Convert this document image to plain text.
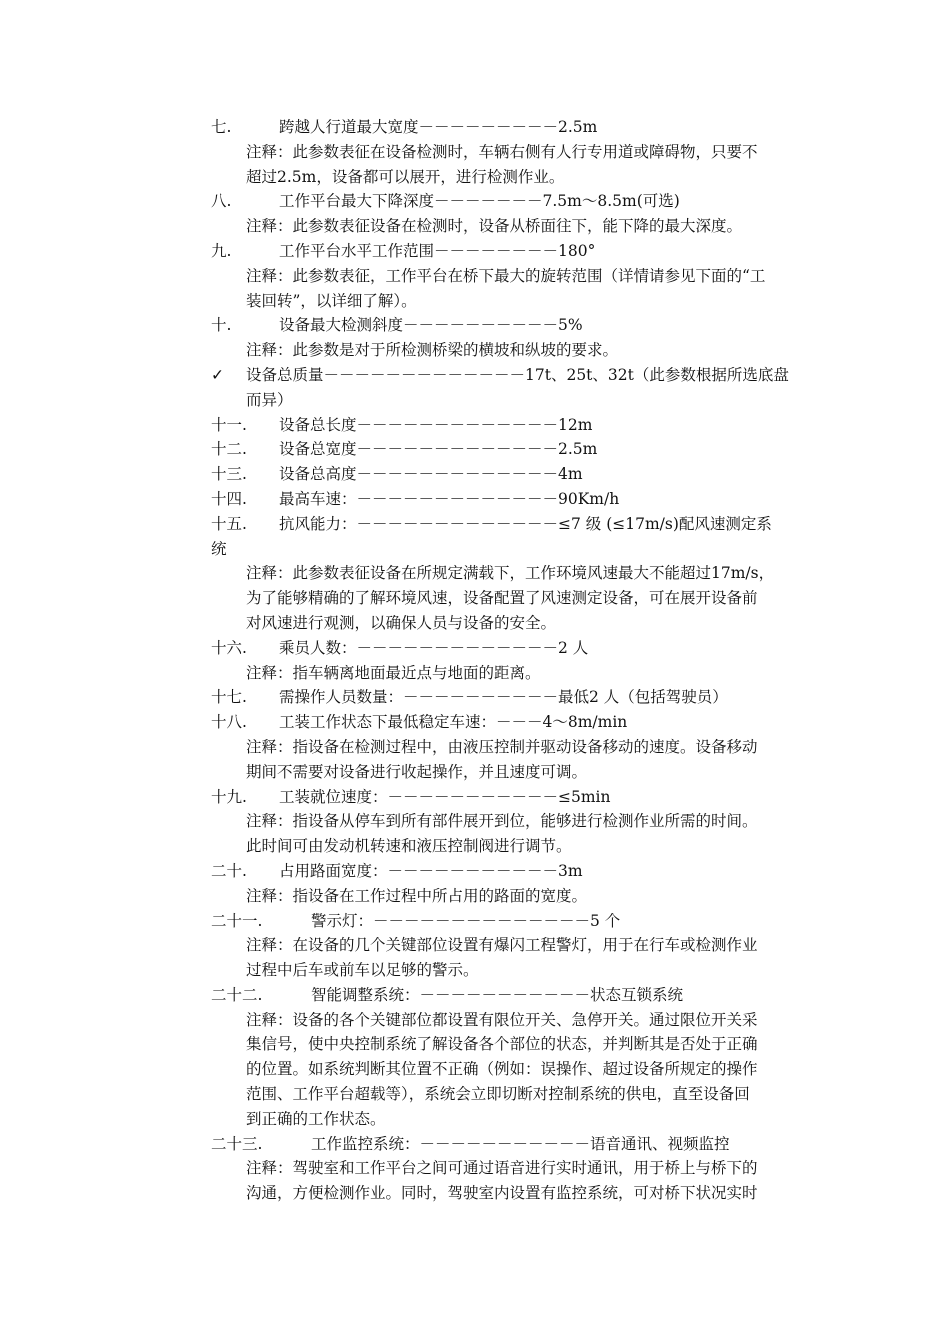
七.	跨越人行道最大宽度－－－－－－－－－2.5m
注释：此参数表征在设备检测时，车辆右侧有人行专用道或障碍物，只要不
超过2.5m，设备都可以展开，进行检测作业。
八.	工作平台最大下降深度－－－－－－－7.5m～8.5m(可选)
注释：此参数表征设备在检测时，设备从桥面往下，能下降的最大深度。
九.	工作平台水平工作范围－－－－－－－－180°
注释：此参数表征，工作平台在桥下最大的旋转范围（详情请参见下面的“工
装回转”，以详细了解）。
十.	设备最大检测斜度－－－－－－－－－－5%
注释：此参数是对于所检测桥梁的横坡和纵坡的要求。
✓ 设备总质量－－－－－－－－－－－－－17t、25t、32t（此参数根据所选底盘
而异）
十一. 设备总长度－－－－－－－－－－－－－12m
十二. 设备总宽度－－－－－－－－－－－－－2.5m
十三. 设备总高度－－－－－－－－－－－－－4m
十四. 最高车速：－－－－－－－－－－－－－90Km/h
十五. 抗风能力：－－－－－－－－－－－－－≤7 级 (≤17m/s)配风速测定系
统
注释：此参数表征设备在所规定满载下，工作环境风速最大不能超过17m/s，
为了能够精确的了解环境风速，设备配置了风速测定设备，可在展开设备前
对风速进行观测，以确保人员与设备的安全。
十六. 乘员人数：－－－－－－－－－－－－－2 人
注释：指车辆离地面最近点与地面的距离。
十七. 需操作人员数量：－－－－－－－－－－最低2 人（包括驾驶员）
十八. 工装工作状态下最低稳定车速：－－－4～8m/min
注释：指设备在检测过程中，由液压控制并驱动设备移动的速度。设备移动
期间不需要对设备进行收起操作，并且速度可调。
十九. 工装就位速度：－－－－－－－－－－－≤5min
注释：指设备从停车到所有部件展开到位，能够进行检测作业所需的时间。
此时间可由发动机转速和液压控制阀进行调节。
二十. 占用路面宽度：－－－－－－－－－－－3m
注释：指设备在工作过程中所占用的路面的宽度。
二十一.	警示灯：－－－－－－－－－－－－－－5 个
注释：在设备的几个关键部位设置有爆闪工程警灯，用于在行车或检测作业
过程中后车或前车以足够的警示。
二十二.	智能调整系统：－－－－－－－－－－－状态互锁系统
注释：设备的各个关键部位都设置有限位开关、急停开关。通过限位开关采
集信号，使中央控制系统了解设备各个部位的状态，并判断其是否处于正确
的位置。如系统判断其位置不正确（例如：误操作、超过设备所规定的操作
范围、工作平台超载等），系统会立即切断对控制系统的供电，直至设备回
到正确的工作状态。
二十三.	工作监控系统：－－－－－－－－－－－语音通讯、视频监控
注释：驾驶室和工作平台之间可通过语音进行实时通讯，用于桥上与桥下的
沟通，方便检测作业。同时，驾驶室内设置有监控系统，可对桥下状况实时
